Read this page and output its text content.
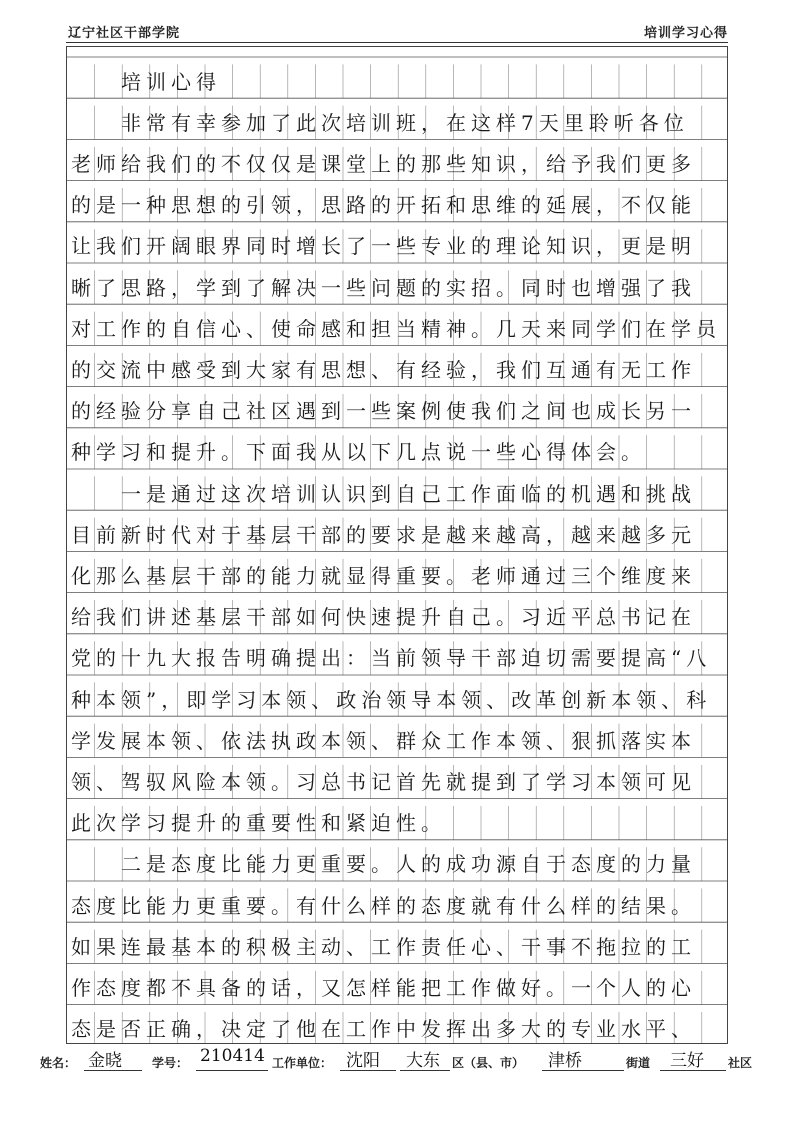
辽宁社区干部学院	培训学习心得
　　培训心得
　　非常有幸参加了此次培训班，在这样7天里聆听各位
老师给我们的不仅仅是课堂上的那些知识，给予我们更多
的是一种思想的引领，思路的开拓和思维的延展，不仅能
让我们开阔眼界同时增长了一些专业的理论知识，更是明
晰了思路，学到了解决一些问题的实招。同时也增强了我
对工作的自信心、使命感和担当精神。几天来同学们在学员
的交流中感受到大家有思想、有经验，我们互通有无工作
的经验分享自己社区遇到一些案例使我们之间也成长另一
种学习和提升。下面我从以下几点说一些心得体会。
　　一是通过这次培训认识到自己工作面临的机遇和挑战
目前新时代对于基层干部的要求是越来越高，越来越多元
化那么基层干部的能力就显得重要。老师通过三个维度来
给我们讲述基层干部如何快速提升自己。习近平总书记在
党的十九大报告明确提出：当前领导干部迫切需要提高“八
种本领”，即学习本领、政治领导本领、改革创新本领、科
学发展本领、依法执政本领、群众工作本领、狠抓落实本
领、驾驭风险本领。习总书记首先就提到了学习本领可见
此次学习提升的重要性和紧迫性。
　　二是态度比能力更重要。人的成功源自于态度的力量
态度比能力更重要。有什么样的态度就有什么样的结果。
如果连最基本的积极主动、工作责任心、干事不拖拉的工
作态度都不具备的话，又怎样能把工作做好。一个人的心
态是否正确，决定了他在工作中发挥出多大的专业水平、
姓名： 金晓	学号： 210414 工作单位： 沈阳 大东 区（县、市） 津桥	街道 三好 社区
